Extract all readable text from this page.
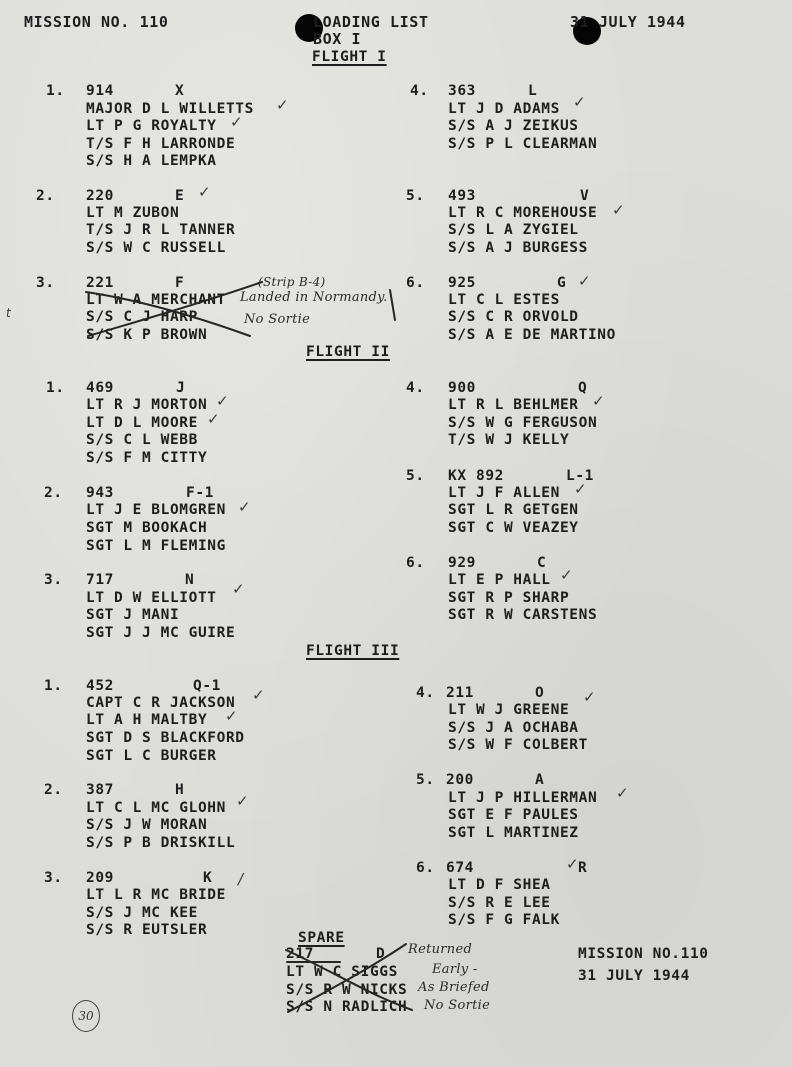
MISSION NO. 110	LOADING LIST
BOX I
31 JULY 1944
FLIGHT I
1. 914	X
MAJOR D L WILLETTS
LT P G ROYALTY
T/S F H LARRONDE
S/S H A LEMPKA
✓
✓
2. 220	E
LT M ZUBON
T/S J R L TANNER
S/S W C RUSSELL
✓
3. 221	F
LT W A MERCHANT
S/S C J HARP
S/S K P BROWN
(Strip B-4)
Landed in Normandy.
No Sortie
4. 363	L
LT J D ADAMS
S/S A J ZEIKUS
S/S P L CLEARMAN
✓
5. 493	V
LT R C MOREHOUSE
S/S L A ZYGIEL
S/S A J BURGESS
✓
6. 925	G
LT C L ESTES
S/S C R ORVOLD
S/S A E DE MARTINO
✓
FLIGHT II
1. 469	J
LT R J MORTON
LT D L MOORE
S/S C L WEBB
S/S F M CITTY
✓
✓
2. 943	F-1
LT J E BLOMGREN
SGT M BOOKACH
SGT L M FLEMING
✓
3. 717	N
LT D W ELLIOTT
SGT J MANI
SGT J J MC GUIRE
✓
4. 900	Q
LT R L BEHLMER
S/S W G FERGUSON
T/S W J KELLY
✓
5. KX 892	L-1
LT J F ALLEN
SGT L R GETGEN
SGT C W VEAZEY
✓
6. 929	C
LT E P HALL
SGT R P SHARP
SGT R W CARSTENS
✓
FLIGHT III
1. 452	Q-1
CAPT C R JACKSON
LT A H MALTBY
SGT D S BLACKFORD
SGT L C BURGER
✓
✓
2. 387	H
LT C L MC GLOHN
S/S J W MORAN
S/S P B DRISKILL
✓
3. 209	K
LT L R MC BRIDE
S/S J MC KEE
S/S R EUTSLER
/
4. 211	O
LT W J GREENE
S/S J A OCHABA
S/S W F COLBERT
✓
5. 200	A
LT J P HILLERMAN
SGT E F PAULES
SGT L MARTINEZ
✓
6. 674	✓ R
LT D F SHEA
S/S R E LEE
S/S F G FALK
SPARE
217	D
LT W C SIGGS
S/S R W NICKS
S/S N RADLICH
Returned
Early -
As Briefed
No Sortie
MISSION NO.110
31 JULY 1944
30
t
